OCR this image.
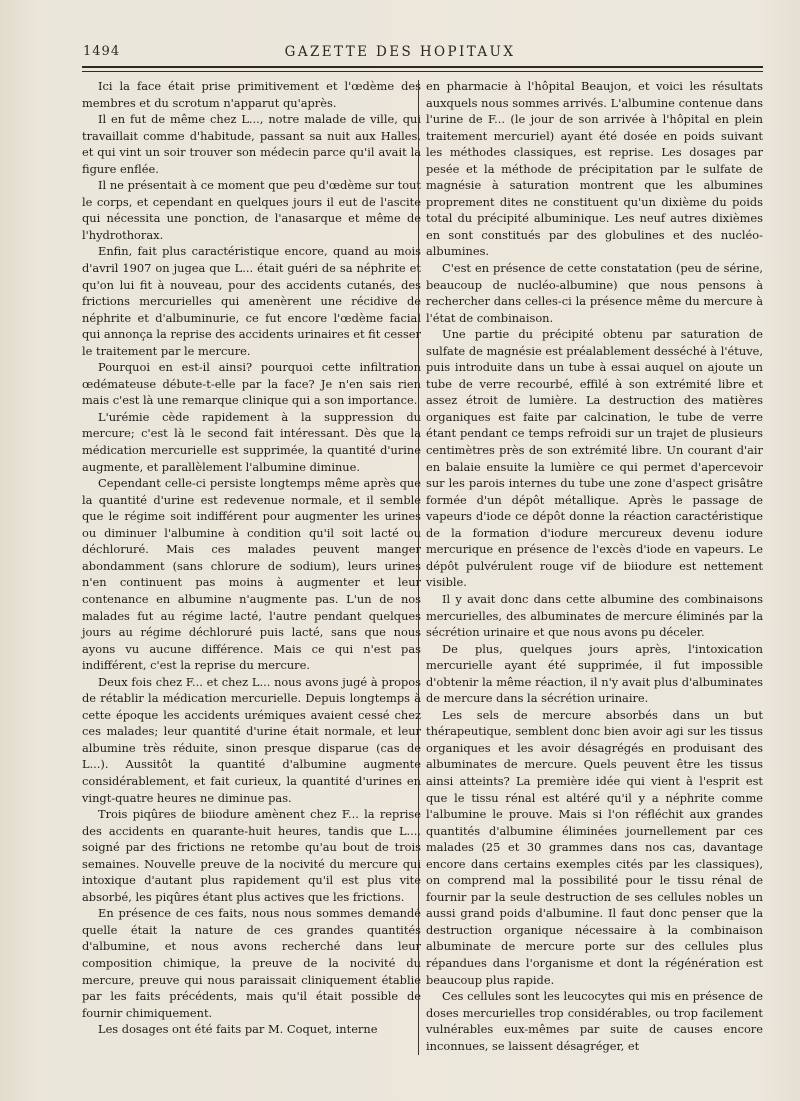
1494	GAZETTE DES HOPITAUX

Ici la face était prise primitivement et l'œdème des membres et du scrotum n'apparut qu'après.

Il en fut de même chez L..., notre malade de ville, qui travaillait comme d'habitude, passant sa nuit aux Halles, et qui vint un soir trouver son médecin parce qu'il avait la figure enflée.

Il ne présentait à ce moment que peu d'œdème sur tout le corps, et cependant en quelques jours il eut de l'ascite qui nécessita une ponction, de l'anasarque et même de l'hydrothorax.

Enfin, fait plus caractéristique encore, quand au mois d'avril 1907 on jugea que L... était guéri de sa néphrite et qu'on lui fit à nouveau, pour des accidents cutanés, des frictions mercurielles qui amenèrent une récidive de néphrite et d'albuminurie, ce fut encore l'œdème facial qui annonça la reprise des accidents urinaires et fit cesser le traitement par le mercure.

Pourquoi en est-il ainsi? pourquoi cette infiltration œdémateuse débute-t-elle par la face? Je n'en sais rien mais c'est là une remarque clinique qui a son importance.

L'urémie cède rapidement à la suppression du mercure; c'est là le second fait intéressant. Dès que la médication mercurielle est supprimée, la quantité d'urine augmente, et parallèlement l'albumine diminue.

Cependant celle-ci persiste longtemps même après que la quantité d'urine est redevenue normale, et il semble que le régime soit indifférent pour augmenter les urines ou diminuer l'albumine à condition qu'il soit lacté ou déchloruré. Mais ces malades peuvent manger abondamment (sans chlorure de sodium), leurs urines n'en continuent pas moins à augmenter et leur contenance en albumine n'augmente pas. L'un de nos malades fut au régime lacté, l'autre pendant quelques jours au régime déchloruré puis lacté, sans que nous ayons vu aucune différence. Mais ce qui n'est pas indifférent, c'est la reprise du mercure.

Deux fois chez F... et chez L... nous avons jugé à propos de rétablir la médication mercurielle. Depuis longtemps à cette époque les accidents urémiques avaient cessé chez ces malades; leur quantité d'urine était normale, et leur albumine très réduite, sinon presque disparue (cas de L...). Aussitôt la quantité d'albumine augmente considérablement, et fait curieux, la quantité d'urines en vingt-quatre heures ne diminue pas.

Trois piqûres de biiodure amènent chez F... la reprise des accidents en quarante-huit heures, tandis que L..., soigné par des frictions ne retombe qu'au bout de trois semaines. Nouvelle preuve de la nocivité du mercure qui intoxique d'autant plus rapidement qu'il est plus vite absorbé, les piqûres étant plus actives que les frictions.

En présence de ces faits, nous nous sommes demandé quelle était la nature de ces grandes quantités d'albumine, et nous avons recherché dans leur composition chimique, la preuve de la nocivité du mercure, preuve qui nous paraissait cliniquement établie par les faits précédents, mais qu'il était possible de fournir chimiquement.

Les dosages ont été faits par M. Coquet, interne

en pharmacie à l'hôpital Beaujon, et voici les résultats auxquels nous sommes arrivés. L'albumine contenue dans l'urine de F... (le jour de son arrivée à l'hôpital en plein traitement mercuriel) ayant été dosée en poids suivant les méthodes classiques, est reprise. Les dosages par pesée et la méthode de précipitation par le sulfate de magnésie à saturation montrent que les albumines proprement dites ne constituent qu'un dixième du poids total du précipité albuminique. Les neuf autres dixièmes en sont constitués par des globulines et des nucléo-albumines.

C'est en présence de cette constatation (peu de sérine, beaucoup de nucléo-albumine) que nous pensons à rechercher dans celles-ci la présence même du mercure à l'état de combinaison.

Une partie du précipité obtenu par saturation de sulfate de magnésie est préalablement desséché à l'étuve, puis introduite dans un tube à essai auquel on ajoute un tube de verre recourbé, effilé à son extrémité libre et assez étroit de lumière. La destruction des matières organiques est faite par calcination, le tube de verre étant pendant ce temps refroidi sur un trajet de plusieurs centimètres près de son extrémité libre. Un courant d'air en balaie ensuite la lumière ce qui permet d'apercevoir sur les parois internes du tube une zone d'aspect grisâtre formée d'un dépôt métallique. Après le passage de vapeurs d'iode ce dépôt donne la réaction caractéristique de la formation d'iodure mercureux devenu iodure mercurique en présence de l'excès d'iode en vapeurs. Le dépôt pulvérulent rouge vif de biiodure est nettement visible.

Il y avait donc dans cette albumine des combinaisons mercurielles, des albuminates de mercure éliminés par la sécrétion urinaire et que nous avons pu déceler.

De plus, quelques jours après, l'intoxication mercurielle ayant été supprimée, il fut impossible d'obtenir la même réaction, il n'y avait plus d'albuminates de mercure dans la sécrétion urinaire.

Les sels de mercure absorbés dans un but thérapeutique, semblent donc bien avoir agi sur les tissus organiques et les avoir désagrégés en produisant des albuminates de mercure. Quels peuvent être les tissus ainsi atteints? La première idée qui vient à l'esprit est que le tissu rénal est altéré qu'il y a néphrite comme l'albumine le prouve. Mais si l'on réfléchit aux grandes quantités d'albumine éliminées journellement par ces malades (25 et 30 grammes dans nos cas, davantage encore dans certains exemples cités par les classiques), on comprend mal la possibilité pour le tissu rénal de fournir par la seule destruction de ses cellules nobles un aussi grand poids d'albumine. Il faut donc penser que la destruction organique nécessaire à la combinaison albuminate de mercure porte sur des cellules plus répandues dans l'organisme et dont la régénération est beaucoup plus rapide.

Ces cellules sont les leucocytes qui mis en présence de doses mercurielles trop considérables, ou trop facilement vulnérables eux-mêmes par suite de causes encore inconnues, se laissent désagréger, et
